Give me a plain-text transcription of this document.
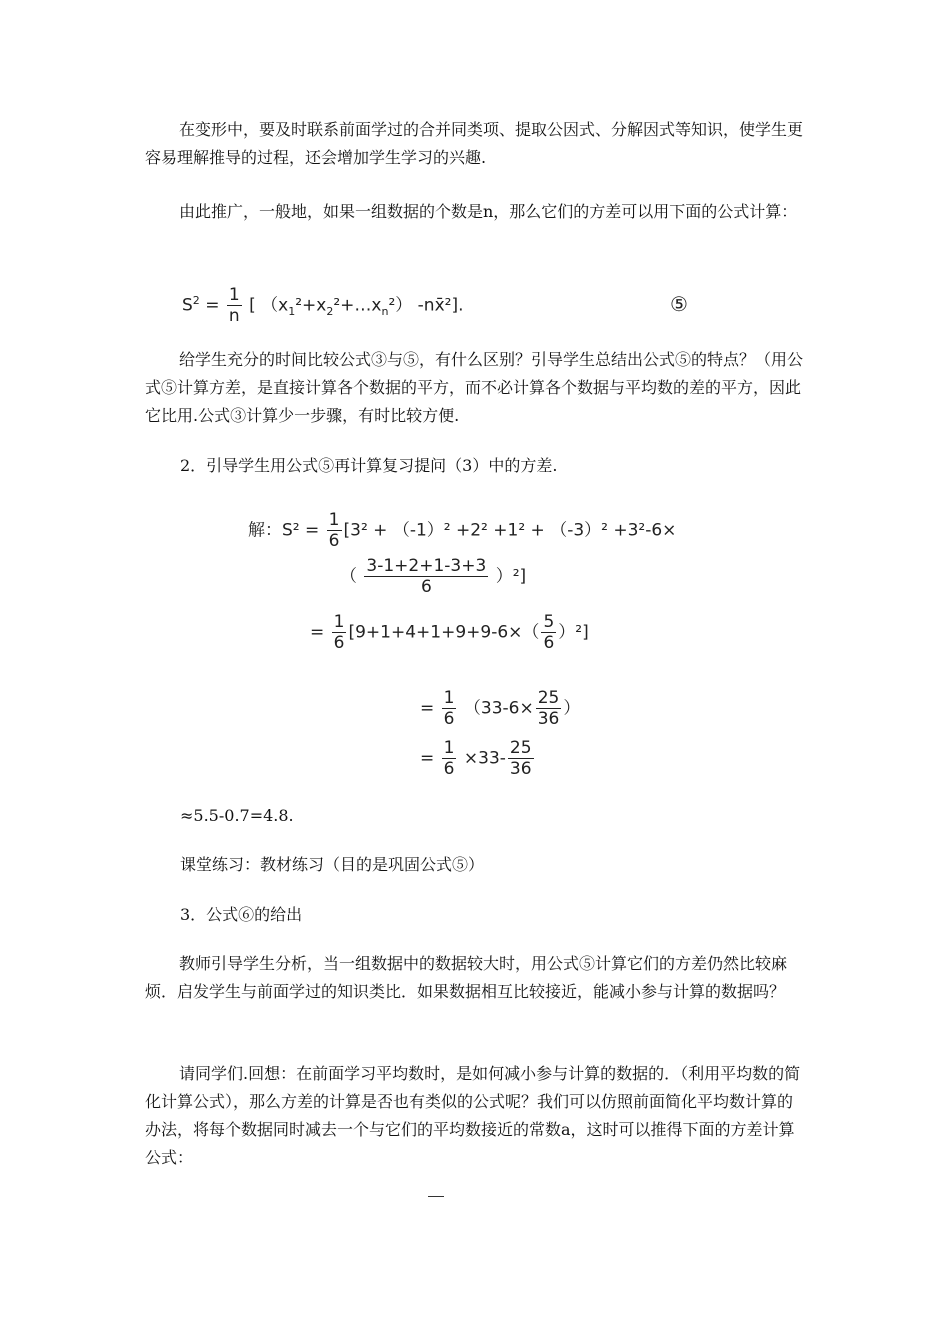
在变形中，要及时联系前面学过的合并同类项、提取公因式、分解因式等知识，使学生更容易理解推导的过程，还会增加学生学习的兴趣.

由此推广，一般地，如果一组数据的个数是n，那么它们的方差可以用下面的公式计算：

$S^2 = \frac{1}{n}$ [ $(x_1^2+x_2^2+\dots x_n^2)$ -nx̄²].	⑤

给学生充分的时间比较公式③与⑤，有什么区别？引导学生总结出公式⑤的特点？（用公式⑤计算方差，是直接计算各个数据的平方，而不必计算各个数据与平均数的差的平方，因此它比用.公式③计算少一步骤，有时比较方便.

2．引导学生用公式⑤再计算复习提问（3）中的方差.
解：$S^2 = \frac{1}{6} [3^2 + (-1)^2 +2^2 +1^2 + (-3)^2 +3^2-6\times$
（ $\frac{3-1+2+1-3+3}{6} )^2$]
= $\frac{1}{6} [9+1+4+1+9+9-6\times( \frac{5}{6} )^2]$
= $\frac{1}{6} (33-6\times \frac{25}{36}$ ）
= $\frac{1}{6} \times 33- \frac{25}{36}$
≈5.5-0.7=4.8.
课堂练习：教材练习（目的是巩固公式⑤）
3．公式⑥的给出

教师引导学生分析，当一组数据中的数据较大时，用公式⑤计算它们的方差仍然比较麻烦．启发学生与前面学过的知识类比．如果数据相互比较接近，能减小参与计算的数据吗？

请同学们.回想：在前面学习平均数时，是如何减小参与计算的数据的．（利用平均数的简化计算公式），那么方差的计算是否也有类似的公式呢？我们可以仿照前面简化平均数计算的办法，将每个数据同时减去一个与它们的平均数接近的常数a，这时可以推得下面的方差计算公式：
